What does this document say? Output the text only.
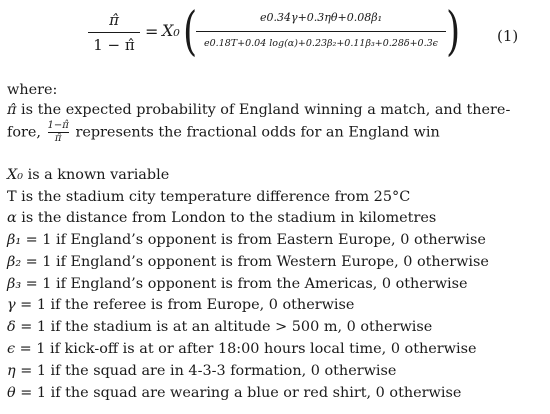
π̂
1 − π̂
= X₀ (	e0.34γ+0.3ηθ+0.08β₁
e0.18T+0.04 log(α)+0.23β₂+0.11β₃+0.28δ+0.3ϵ ) (1)
where:
π̂ is the expected probability of England winning a match, and there-
fore, $\frac{1-\pî}{\pî}$ represents the fractional odds for an England win
X₀ is a known variable
T is the stadium city temperature difference from 25°C
α is the distance from London to the stadium in kilometres
β₁ = 1 if England’s opponent is from Eastern Europe, 0 otherwise
β₂ = 1 if England’s opponent is from Western Europe, 0 otherwise
β₃ = 1 if England’s opponent is from the Americas, 0 otherwise
γ = 1 if the referee is from Europe, 0 otherwise
δ = 1 if the stadium is at an altitude > 500 m, 0 otherwise
ϵ = 1 if kick-off is at or after 18:00 hours local time, 0 otherwise
η = 1 if the squad are in 4-3-3 formation, 0 otherwise
θ = 1 if the squad are wearing a blue or red shirt, 0 otherwise
